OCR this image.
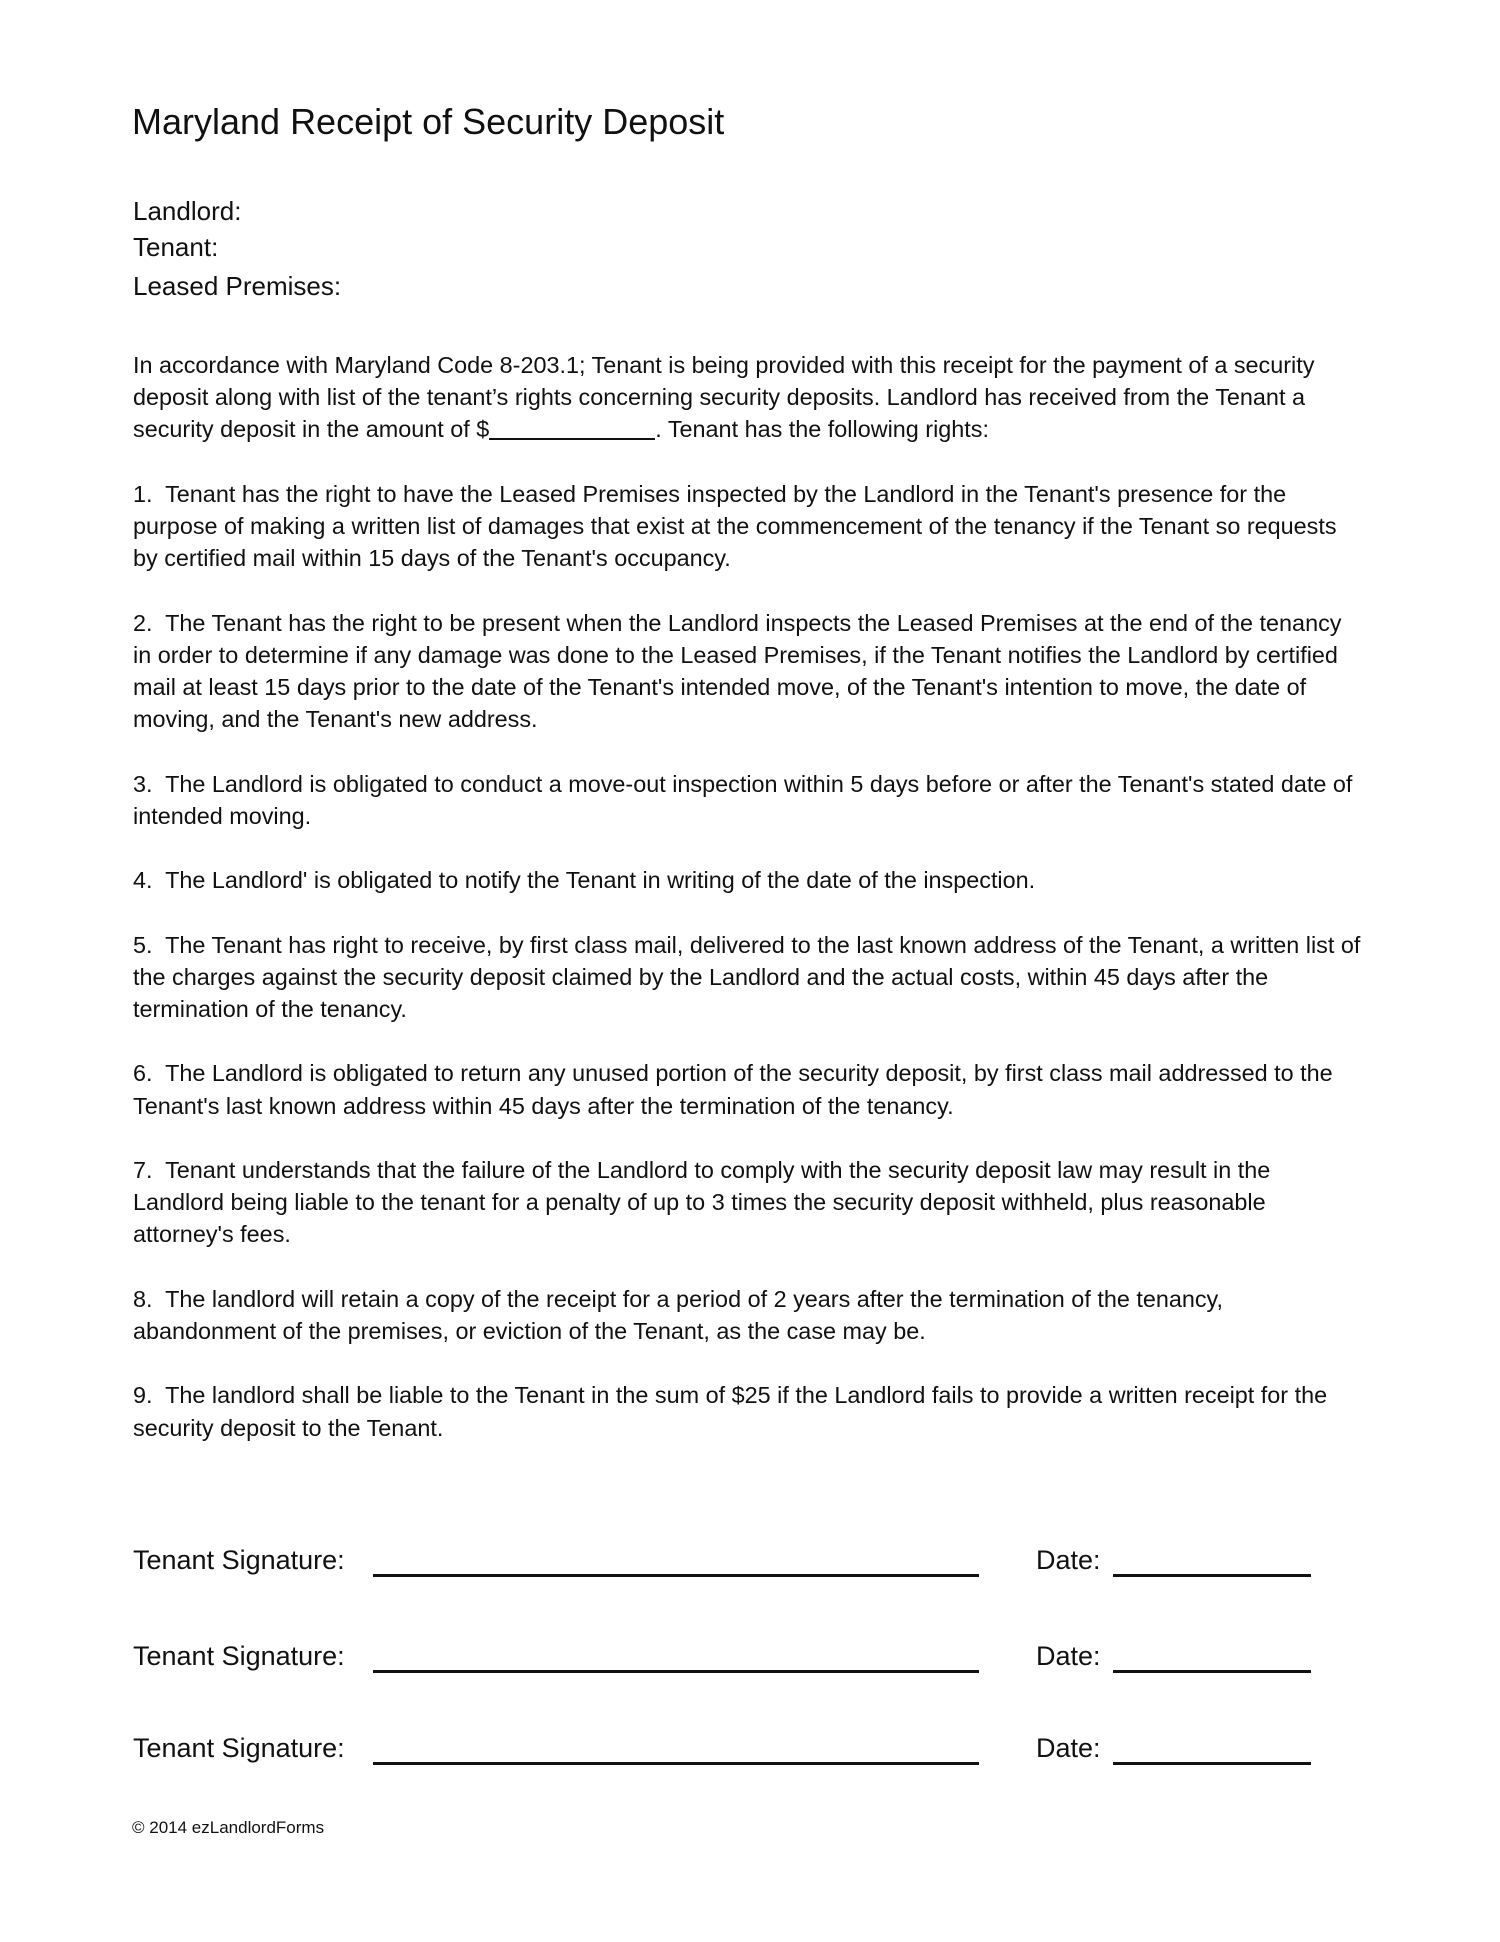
Maryland Receipt of Security Deposit
Landlord:
Tenant:
Leased Premises:

In accordance with Maryland Code 8-203.1; Tenant is being provided with this receipt for the payment of a security deposit along with list of the tenant’s rights concerning security deposits. Landlord has received from the Tenant a security deposit in the amount of $	. Tenant has the following rights:

1. Tenant has the right to have the Leased Premises inspected by the Landlord in the Tenant's presence for the purpose of making a written list of damages that exist at the commencement of the tenancy if the Tenant so requests by certified mail within 15 days of the Tenant's occupancy.

2. The Tenant has the right to be present when the Landlord inspects the Leased Premises at the end of the tenancy in order to determine if any damage was done to the Leased Premises, if the Tenant notifies the Landlord by certified mail at least 15 days prior to the date of the Tenant's intended move, of the Tenant's intention to move, the date of moving, and the Tenant's new address.

3. The Landlord is obligated to conduct a move-out inspection within 5 days before or after the Tenant's stated date of intended moving.

4. The Landlord' is obligated to notify the Tenant in writing of the date of the inspection.

5. The Tenant has right to receive, by first class mail, delivered to the last known address of the Tenant, a written list of the charges against the security deposit claimed by the Landlord and the actual costs, within 45 days after the termination of the tenancy.

6. The Landlord is obligated to return any unused portion of the security deposit, by first class mail addressed to the Tenant's last known address within 45 days after the termination of the tenancy.

7. Tenant understands that the failure of the Landlord to comply with the security deposit law may result in the Landlord being liable to the tenant for a penalty of up to 3 times the security deposit withheld, plus reasonable attorney's fees.

8. The landlord will retain a copy of the receipt for a period of 2 years after the termination of the tenancy, abandonment of the premises, or eviction of the Tenant, as the case may be.

9. The landlord shall be liable to the Tenant in the sum of $25 if the Landlord fails to provide a written receipt for the security deposit to the Tenant.

Tenant Signature:	Date:
Tenant Signature:	Date:
Tenant Signature:	Date:
© 2014 ezLandlordForms
